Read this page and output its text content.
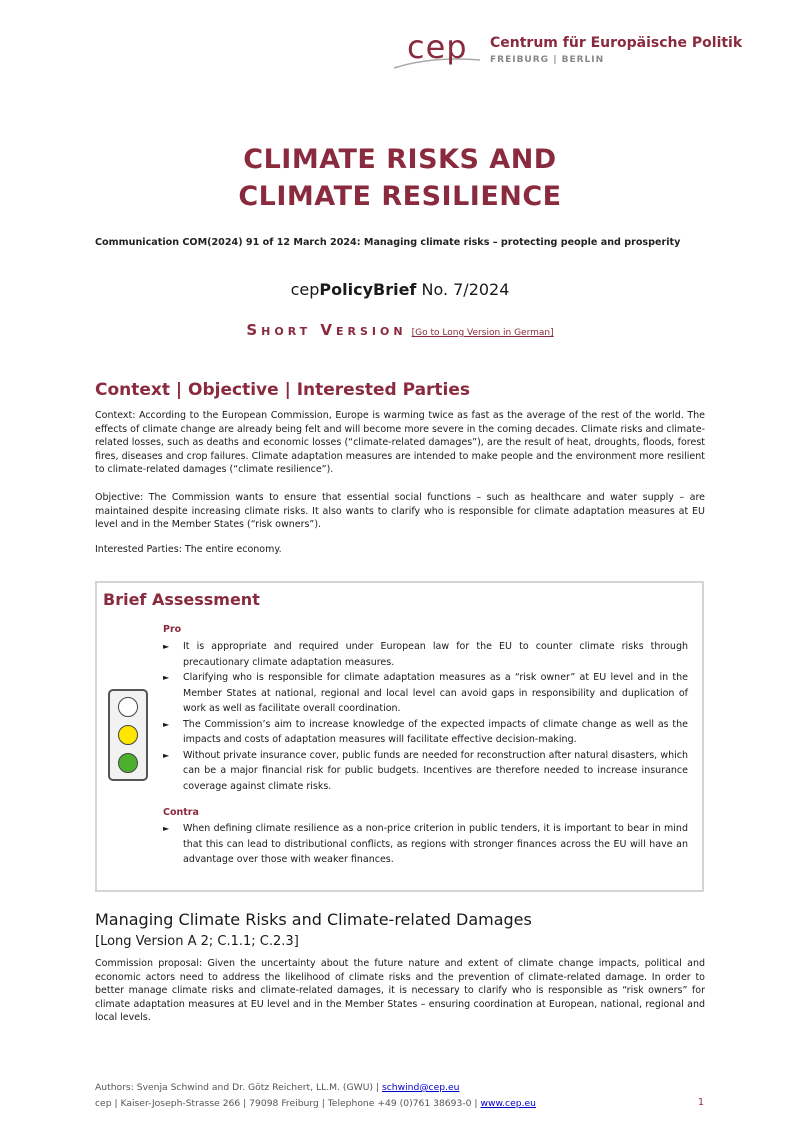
cep Centrum für Europäische Politik
FREIBURG | BERLIN
CLIMATE RISKS AND
CLIMATE RESILIENCE
Communication COM(2024) 91 of 12 March 2024: Managing climate risks – protecting people and prosperity
cepPolicyBrief No. 7/2024
Short Version [Go to Long Version in German]
Context | Objective | Interested Parties
Context: According to the European Commission, Europe is warming twice as fast as the average of the rest of the world. The effects of climate change are already being felt and will become more severe in the coming decades. Climate risks and climate-related losses, such as deaths and economic losses (“climate-related damages”), are the result of heat, droughts, floods, forest fires, diseases and crop failures. Climate adaptation measures are intended to make people and the environment more resilient to climate-related damages (“climate resilience”).
Objective: The Commission wants to ensure that essential social functions – such as healthcare and water supply – are maintained despite increasing climate risks. It also wants to clarify who is responsible for climate adaptation measures at EU level and in the Member States (“risk owners”).
Interested Parties: The entire economy.
Brief Assessment
Pro
► It is appropriate and required under European law for the EU to counter climate risks through precautionary climate adaptation measures.
► Clarifying who is responsible for climate adaptation measures as a “risk owner” at EU level and in the Member States at national, regional and local level can avoid gaps in responsibility and duplication of work as well as facilitate overall coordination.
► The Commission’s aim to increase knowledge of the expected impacts of climate change as well as the impacts and costs of adaptation measures will facilitate effective decision-making.
► Without private insurance cover, public funds are needed for reconstruction after natural disasters, which can be a major financial risk for public budgets. Incentives are therefore needed to increase insurance coverage against climate risks.
Contra
► When defining climate resilience as a non-price criterion in public tenders, it is important to bear in mind that this can lead to distributional conflicts, as regions with stronger finances across the EU will have an advantage over those with weaker finances.
Managing Climate Risks and Climate-related Damages
[Long Version A 2; C.1.1; C.2.3]
Commission proposal: Given the uncertainty about the future nature and extent of climate change impacts, political and economic actors need to address the likelihood of climate risks and the prevention of climate-related damage. In order to better manage climate risks and climate-related damages, it is necessary to clarify who is responsible as “risk owners” for climate adaptation measures at EU level and in the Member States – ensuring coordination at European, national, regional and local levels.
Authors: Svenja Schwind and Dr. Götz Reichert, LL.M. (GWU) | schwind@cep.eu
cep | Kaiser-Joseph-Strasse 266 | 79098 Freiburg | Telephone +49 (0)761 38693-0 | www.cep.eu	1
